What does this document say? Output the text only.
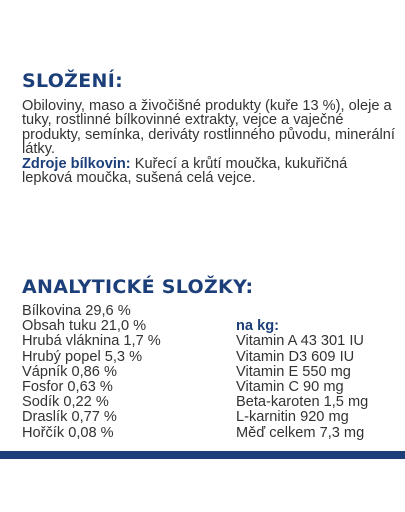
SLOŽENÍ:

Obiloviny, maso a živočišné produkty (kuře 13 %), oleje a tuky, rostlinné bílkovinné extrakty, vejce a vaječné produkty, semínka, deriváty rostlinného původu, minerální látky.
Zdroje bílkovin: Kuřecí a krůtí moučka, kukuřičná lepková moučka, sušená celá vejce.

ANALYTICKÉ SLOŽKY:
Bílkovina 29,6 %
Obsah tuku 21,0 %
Hrubá vláknina 1,7 %
Hrubý popel 5,3 %
Vápník 0,86 %
Fosfor 0,63 %
Sodík 0,22 %
Draslík 0,77 %
Hořčík 0,08 %
na kg:
Vitamin A 43 301 IU
Vitamin D3 609 IU
Vitamin E 550 mg
Vitamin C 90 mg
Beta-karoten 1,5 mg
L-karnitin 920 mg
Měď celkem 7,3 mg
